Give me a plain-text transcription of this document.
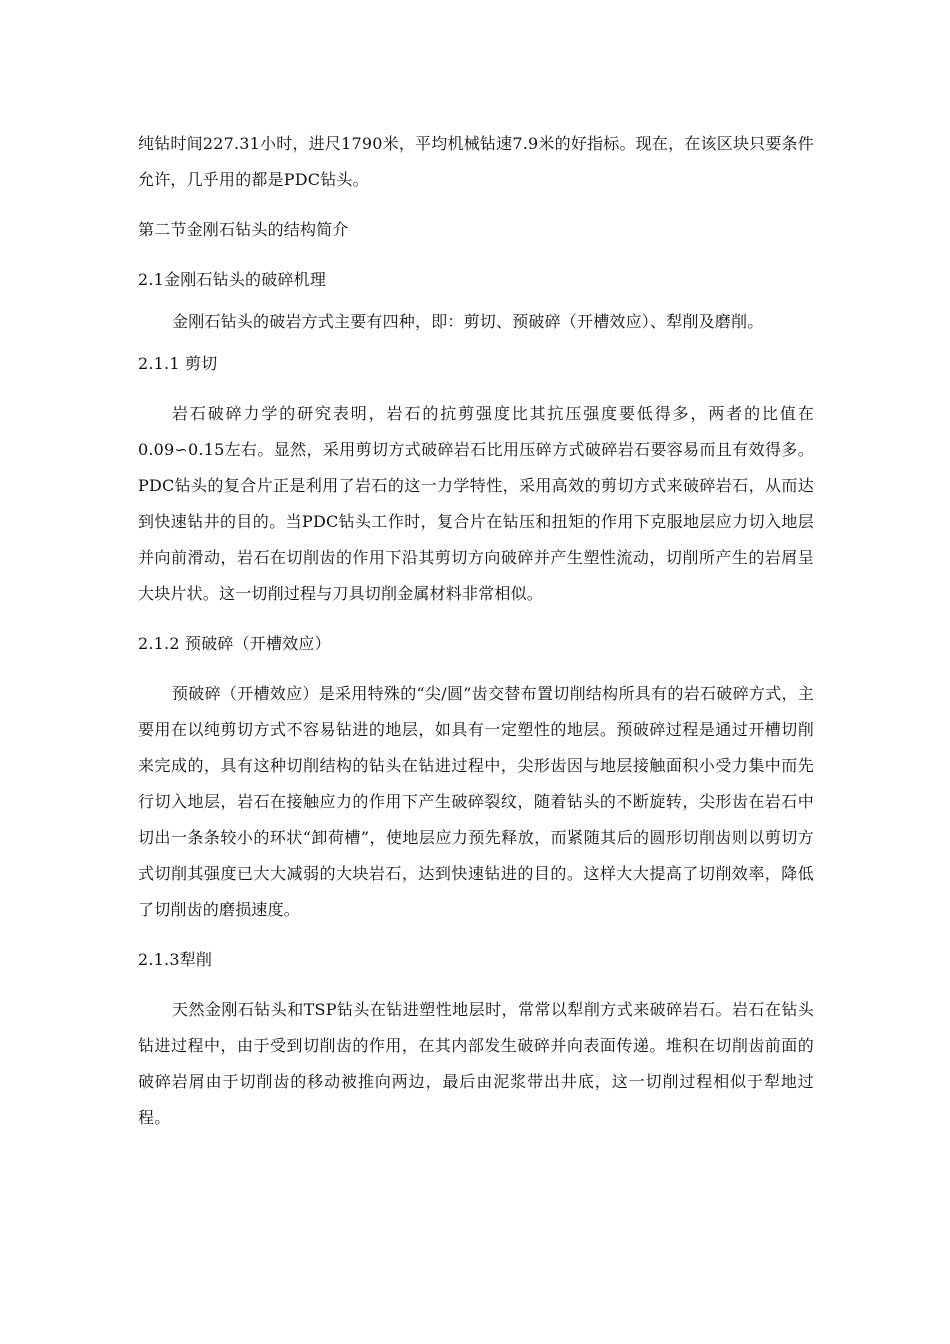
纯钻时间227.31小时，进尺1790米，平均机械钻速7.9米的好指标。现在，在该区块只要条件允许，几乎用的都是PDC钻头。

第二节金刚石钻头的结构简介

2.1金刚石钻头的破碎机理

金刚石钻头的破岩方式主要有四种，即：剪切、预破碎（开槽效应）、犁削及磨削。

2.1.1 剪切

岩石破碎力学的研究表明，岩石的抗剪强度比其抗压强度要低得多，两者的比值在0.09∽0.15左右。显然，采用剪切方式破碎岩石比用压碎方式破碎岩石要容易而且有效得多。PDC钻头的复合片正是利用了岩石的这一力学特性，采用高效的剪切方式来破碎岩石，从而达到快速钻井的目的。当PDC钻头工作时，复合片在钻压和扭矩的作用下克服地层应力切入地层并向前滑动，岩石在切削齿的作用下沿其剪切方向破碎并产生塑性流动，切削所产生的岩屑呈大块片状。这一切削过程与刀具切削金属材料非常相似。

2.1.2 预破碎（开槽效应）

预破碎（开槽效应）是采用特殊的“尖/圆”齿交替布置切削结构所具有的岩石破碎方式，主要用在以纯剪切方式不容易钻进的地层，如具有一定塑性的地层。预破碎过程是通过开槽切削来完成的，具有这种切削结构的钻头在钻进过程中，尖形齿因与地层接触面积小受力集中而先行切入地层，岩石在接触应力的作用下产生破碎裂纹，随着钻头的不断旋转，尖形齿在岩石中切出一条条较小的环状“卸荷槽”，使地层应力预先释放，而紧随其后的圆形切削齿则以剪切方式切削其强度已大大减弱的大块岩石，达到快速钻进的目的。这样大大提高了切削效率，降低了切削齿的磨损速度。

2.1.3犁削

天然金刚石钻头和TSP钻头在钻进塑性地层时，常常以犁削方式来破碎岩石。岩石在钻头钻进过程中，由于受到切削齿的作用，在其内部发生破碎并向表面传递。堆积在切削齿前面的破碎岩屑由于切削齿的移动被推向两边，最后由泥浆带出井底，这一切削过程相似于犁地过程。
